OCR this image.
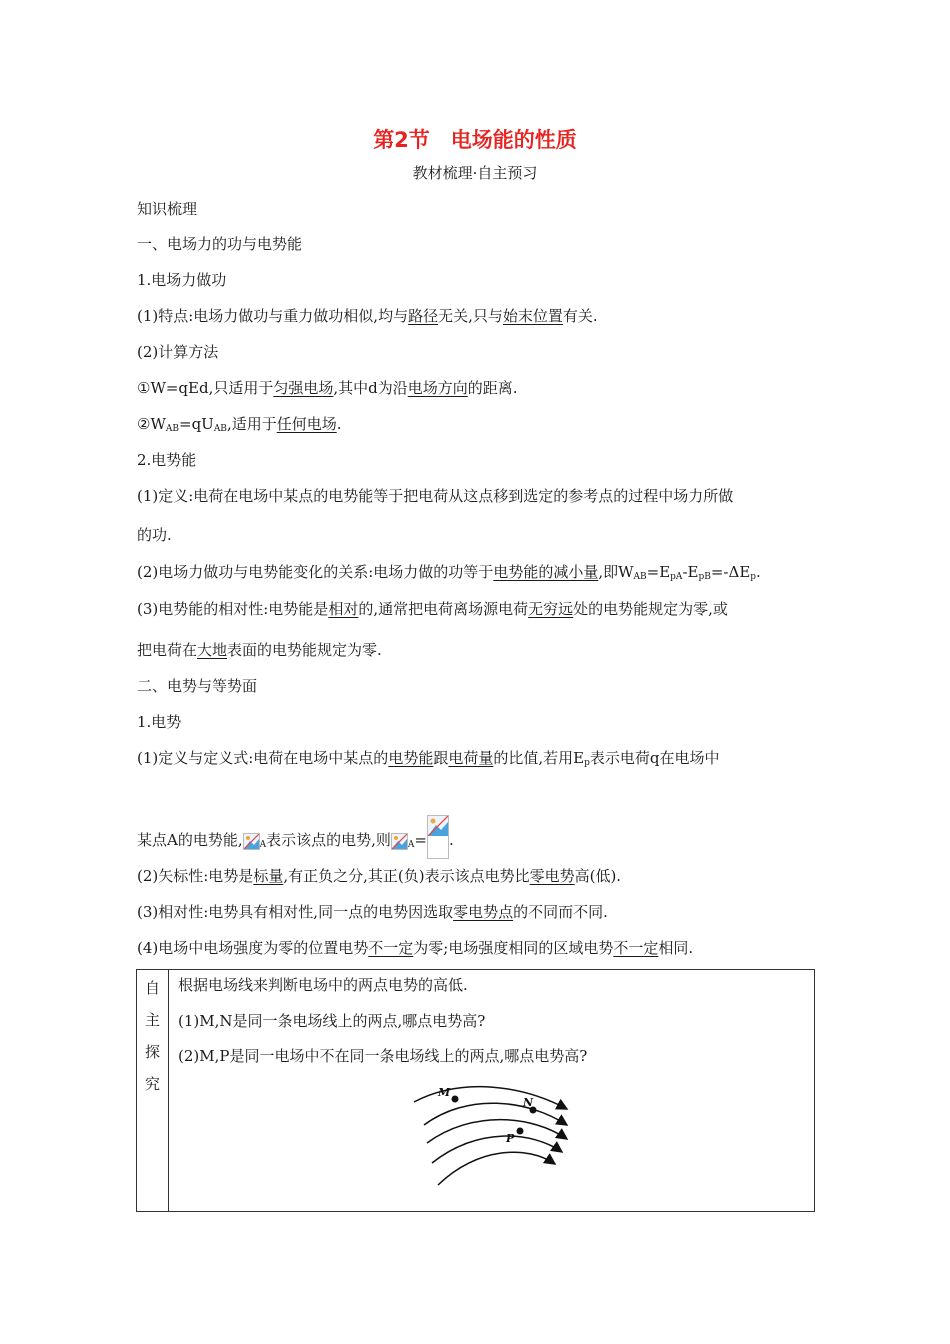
第2节　电场能的性质
教材梳理·自主预习
知识梳理
一、电场力的功与电势能
1.电场力做功
(1)特点:电场力做功与重力做功相似,均与路径无关,只与始末位置有关.
(2)计算方法
①W=qEd,只适用于匀强电场,其中d为沿电场方向的距离.
$②W_{AB}=qU_{AB}$,适用于任何电场.
2.电势能
(1)定义:电荷在电场中某点的电势能等于把电荷从这点移到选定的参考点的过程中场力所做
的功.
(2)电场力做功与电势能变化的关系:电场力做的功等于电势能的减小量,即$W_{AB}=E_{pA}-E_{pB}=-\Delta E_p$.
(3)电势能的相对性:电势能是相对的,通常把电荷离场源电荷无穷远处的电势能规定为零,或
把电荷在大地表面的电势能规定为零.
二、电势与等势面
1.电势
(1)定义与定义式:电荷在电场中某点的电势能跟电荷量的比值,若用$E_p$表示电荷q在电场中
某点A的电势能, $_A$表示该点的电势,则 $_A$= .
(2)矢标性:电势是标量,有正负之分,其正(负)表示该点电势比零电势高(低).
(3)相对性:电势具有相对性,同一点的电势因选取零电势点的不同而不同.
(4)电场中电场强度为零的位置电势不一定为零;电场强度相同的区域电势不一定相同.
自
主
探
究

根据电场线来判断电场中的两点电势的高低.
(1)M,N是同一条电场线上的两点,哪点电势高?
(2)M,P是同一电场中不在同一条电场线上的两点,哪点电势高?
M
N
P
